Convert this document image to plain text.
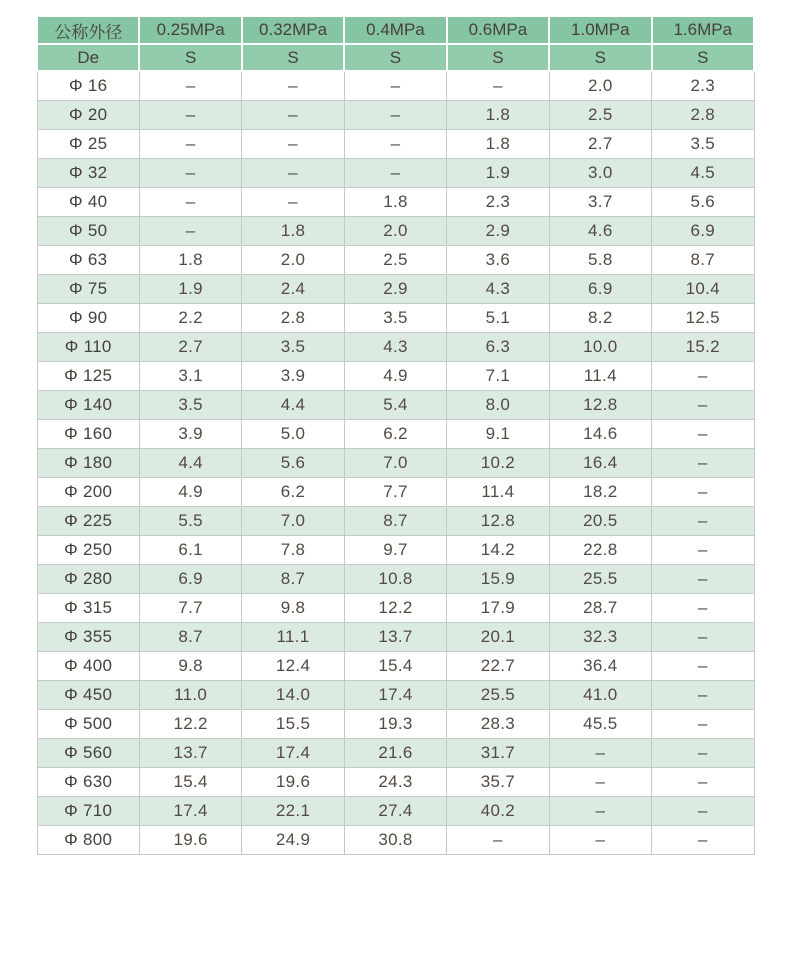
公称外径	0.25MPa	0.32MPa	0.4MPa	0.6MPa	1.0MPa	1.6MPa
De	S	S	S	S	S	S
Φ 16	–	–	–	–	2.0	2.3
Φ 20	–	–	–	1.8	2.5	2.8
Φ 25	–	–	–	1.8	2.7	3.5
Φ 32	–	–	–	1.9	3.0	4.5
Φ 40	–	–	1.8	2.3	3.7	5.6
Φ 50	–	1.8	2.0	2.9	4.6	6.9
Φ 63	1.8	2.0	2.5	3.6	5.8	8.7
Φ 75	1.9	2.4	2.9	4.3	6.9	10.4
Φ 90	2.2	2.8	3.5	5.1	8.2	12.5
Φ 110	2.7	3.5	4.3	6.3	10.0	15.2
Φ 125	3.1	3.9	4.9	7.1	11.4	–
Φ 140	3.5	4.4	5.4	8.0	12.8	–
Φ 160	3.9	5.0	6.2	9.1	14.6	–
Φ 180	4.4	5.6	7.0	10.2	16.4	–
Φ 200	4.9	6.2	7.7	11.4	18.2	–
Φ 225	5.5	7.0	8.7	12.8	20.5	–
Φ 250	6.1	7.8	9.7	14.2	22.8	–
Φ 280	6.9	8.7	10.8	15.9	25.5	–
Φ 315	7.7	9.8	12.2	17.9	28.7	–
Φ 355	8.7	11.1	13.7	20.1	32.3	–
Φ 400	9.8	12.4	15.4	22.7	36.4	–
Φ 450	11.0	14.0	17.4	25.5	41.0	–
Φ 500	12.2	15.5	19.3	28.3	45.5	–
Φ 560	13.7	17.4	21.6	31.7	–	–
Φ 630	15.4	19.6	24.3	35.7	–	–
Φ 710	17.4	22.1	27.4	40.2	–	–
Φ 800	19.6	24.9	30.8	–	–	–
